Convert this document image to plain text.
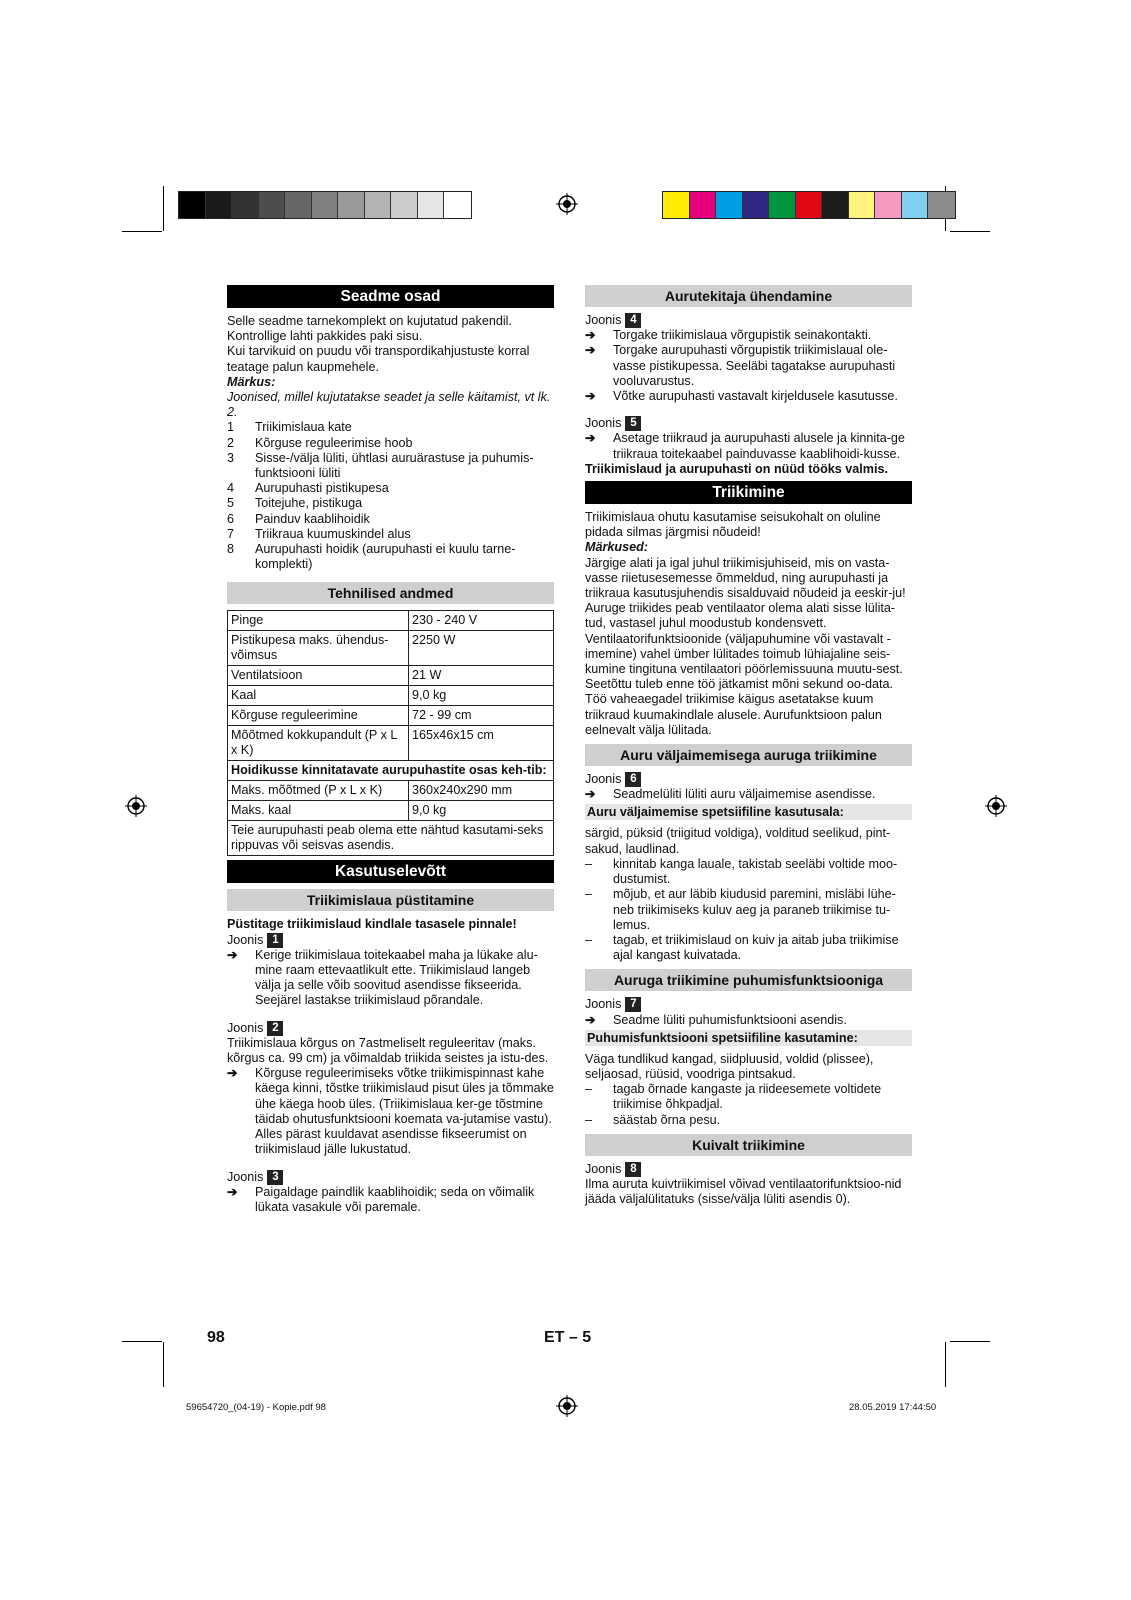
Seadme osad

Selle seadme tarnekomplekt on kujutatud pakendil. Kontrollige lahti pakkides paki sisu.

Kui tarvikuid on puudu või transpordikahjustuste korral teatage palun kaupmehele.

Märkus:

Joonised, millel kujutatakse seadet ja selle käitamist, vt lk. 2.

1	Triikimislaua kate
2	Kõrguse reguleerimise hoob
3	Sisse-/välja lüliti, ühtlasi auruärastuse ja puhumis-funktsiooni lüliti
4	Aurupuhasti pistikupesa
5	Toitejuhe, pistikuga
6	Painduv kaablihoidik
7	Triikraua kuumuskindel alus
8	Aurupuhasti hoidik (aurupuhasti ei kuulu tarne-komplekti)
Tehnilised andmed
Pinge	230 - 240 V
Pistikupesa maks. ühendus-võimsus	2250 W
Ventilatsioon	21 W
Kaal	9,0 kg
Kõrguse reguleerimine	72 - 99 cm
Mõõtmed kokkupandult (P x L x K)	165x46x15 cm
Hoidikusse kinnitatavate aurupuhastite osas keh-tib:	
Maks. mõõtmed (P x L x K)	360x240x290 mm
Maks. kaal	9,0 kg
Teie aurupuhasti peab olema ette nähtud kasutami-seks rippuvas või seisvas asendis.	
Kasutuselevõtt
Triikimislaua püstitamine

Püstitage triikimislaud kindlale tasasele pinnale!

Joonis 1
➔	Kerige triikimislaua toitekaabel maha ja lükake alu-mine raam ettevaatlikult ette. Triikimislaud langeb välja ja selle võib soovitud asendisse fikseerida. Seejärel lastakse triikimislaud põrandale.
Joonis 2

Triikimislaua kõrgus on 7astmeliselt reguleeritav (maks. kõrgus ca. 99 cm) ja võimaldab triikida seistes ja istu-des.

➔	Kõrguse reguleerimiseks võtke triikimispinnast kahe käega kinni, tõstke triikimislaud pisut üles ja tõmmake ühe käega hoob üles. (Triikimislaua ker-ge tõstmine täidab ohutusfunktsiooni koemata va-jutamise vastu).

Alles pärast kuuldavat asendisse fikseerumist on triikimislaud jälle lukustatud.

Joonis 3
➔	Paigaldage paindlik kaablihoidik; seda on võimalik lükata vasakule või paremale.
Aurutekitaja ühendamine
Joonis 4
➔	Torgake triikimislaua võrgupistik seinakontakti.
➔	Torgake aurupuhasti võrgupistik triikimislaual ole-vasse pistikupessa. Seeläbi tagatakse aurupuhasti vooluvarustus.
➔	Võtke aurupuhasti vastavalt kirjeldusele kasutusse.
Joonis 5
➔	Asetage triikraud ja aurupuhasti alusele ja kinnita-ge triikraua toitekaabel painduvasse kaablihoidi-kusse.

Triikimislaud ja aurupuhasti on nüüd tööks valmis.

Triikimine

Triikimislaua ohutu kasutamise seisukohalt on oluline pidada silmas järgmisi nõudeid!

Märkused:

Järgige alati ja igal juhul triikimisjuhiseid, mis on vasta-vasse riietusesemesse õmmeldud, ning aurupuhasti ja triikraua kasutusjuhendis sisalduvaid nõudeid ja eeskir-ju!

Auruge triikides peab ventilaator olema alati sisse lülita-tud, vastasel juhul moodustub kondensvett.

Ventilaatorifunktsioonide (väljapuhumine või vastavalt -imemine) vahel ümber lülitades toimub lühiajaline seis-kumine tingituna ventilaatori pöörlemissuuna muutu-sest. Seetõttu tuleb enne töö jätkamist mõni sekund oo-data.

Töö vaheaegadel triikimise käigus asetatakse kuum triikraud kuumakindlale alusele. Aurufunktsioon palun eelnevalt välja lülitada.

Auru väljaimemisega auruga triikimine
Joonis 6
➔	Seadmelüliti lüliti auru väljaimemise asendisse.
Auru väljaimemise spetsiifiline kasutusala:

särgid, püksid (triigitud voldiga), volditud seelikud, pint-sakud, laudlinad.

–	kinnitab kanga lauale, takistab seeläbi voltide moo-dustumist.
–	mõjub, et aur läbib kiudusid paremini, misläbi lühe-neb triikimiseks kuluv aeg ja paraneb triikimise tu-lemus.
–	tagab, et triikimislaud on kuiv ja aitab juba triikimise ajal kangast kuivatada.
Auruga triikimine puhumisfunktsiooniga
Joonis 7
➔	Seadme lüliti puhumisfunktsiooni asendis.
Puhumisfunktsiooni spetsiifiline kasutamine:

Väga tundlikud kangad, siidpluusid, voldid (plissee), seljaosad, rüüsid, voodriga pintsakud.

–	tagab õrnade kangaste ja riideesemete voltidete triikimise õhkpadjal.
–	säästab õrna pesu.
Kuivalt triikimine
Joonis 8

Ilma auruta kuivtriikimisel võivad ventilaatorifunktsioo-nid jääda väljalülitatuks (sisse/välja lüliti asendis 0).

98	ET – 5
59654720_(04-19) - Kopie.pdf 98	28.05.2019 17:44:50
